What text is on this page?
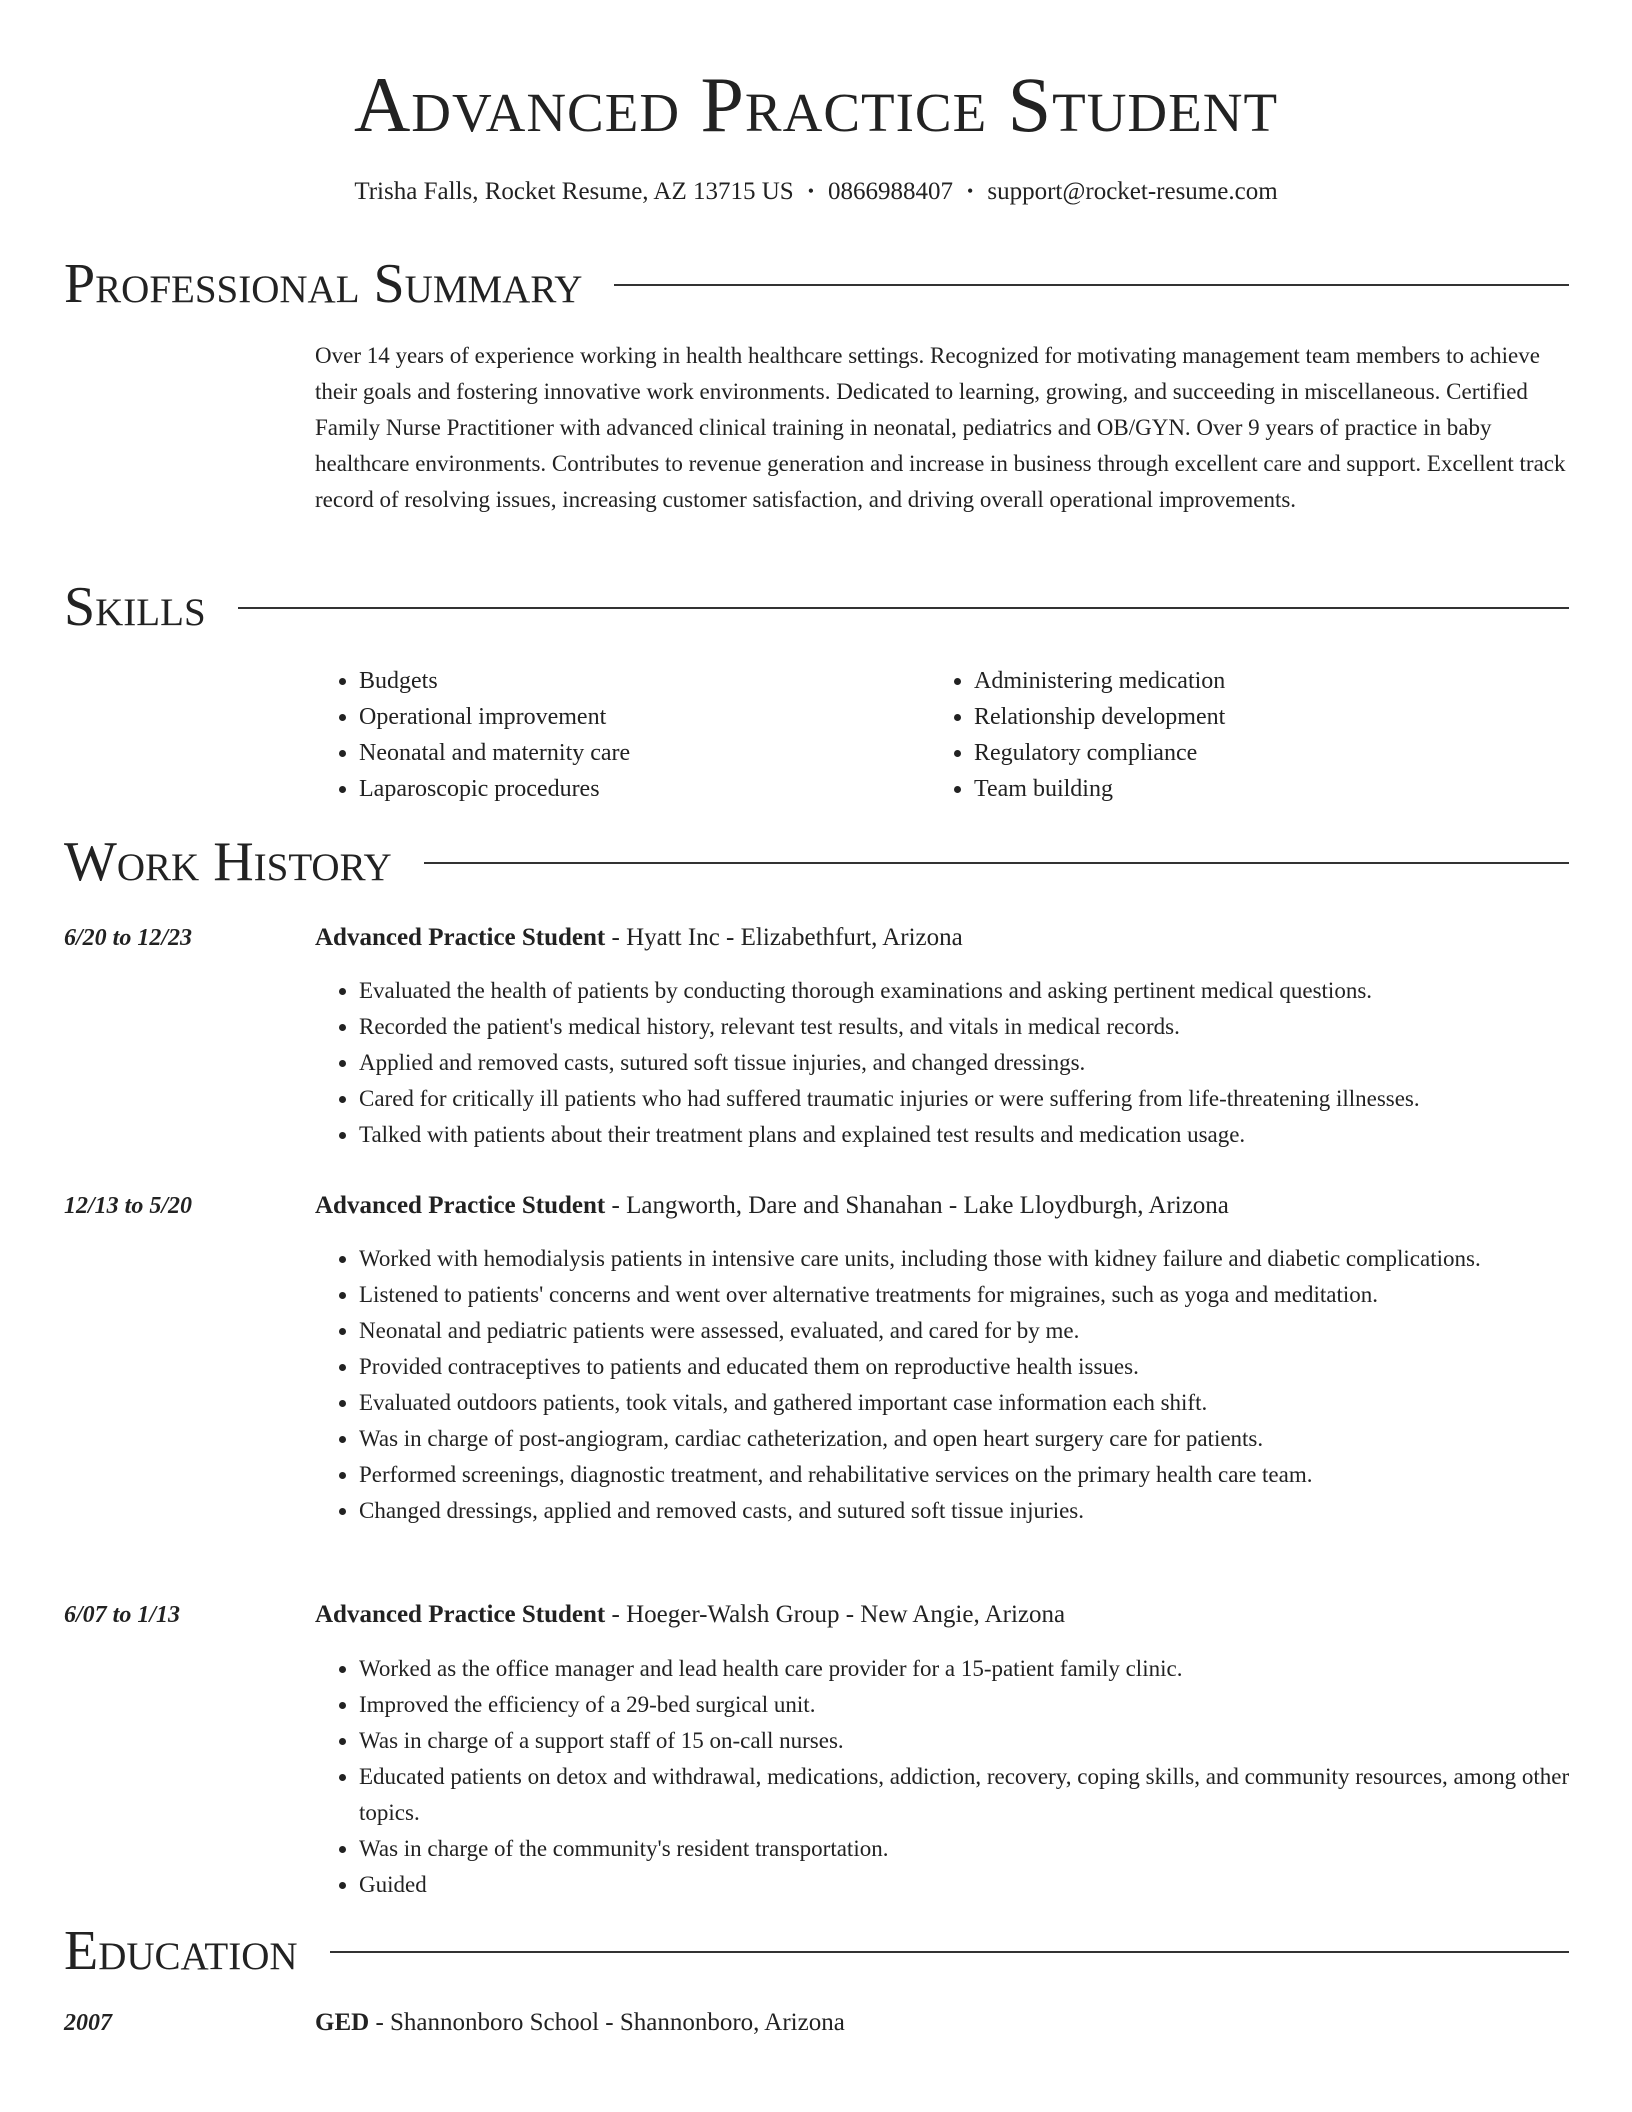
Advanced Practice Student
Trisha Falls, Rocket Resume, AZ 13715 US • 0866988407 • support@rocket-resume.com
Professional Summary

Over 14 years of experience working in health healthcare settings. Recognized for motivating management team members to achieve their goals and fostering innovative work environments. Dedicated to learning, growing, and succeeding in miscellaneous. Certified Family Nurse Practitioner with advanced clinical training in neonatal, pediatrics and OB/GYN. Over 9 years of practice in baby healthcare environments. Contributes to revenue generation and increase in business through excellent care and support. Excellent track record of resolving issues, increasing customer satisfaction, and driving overall operational improvements.

Skills
• Budgets
• Operational improvement
• Neonatal and maternity care
• Laparoscopic procedures
• Administering medication
• Relationship development
• Regulatory compliance
• Team building
Work History
6/20 to 12/23	Advanced Practice Student - Hyatt Inc - Elizabethfurt, Arizona
• Evaluated the health of patients by conducting thorough examinations and asking pertinent medical questions.
• Recorded the patient's medical history, relevant test results, and vitals in medical records.
• Applied and removed casts, sutured soft tissue injuries, and changed dressings.
• Cared for critically ill patients who had suffered traumatic injuries or were suffering from life-threatening illnesses.
• Talked with patients about their treatment plans and explained test results and medication usage.
12/13 to 5/20	Advanced Practice Student - Langworth, Dare and Shanahan - Lake Lloydburgh, Arizona
• Worked with hemodialysis patients in intensive care units, including those with kidney failure and diabetic complications.
• Listened to patients' concerns and went over alternative treatments for migraines, such as yoga and meditation.
• Neonatal and pediatric patients were assessed, evaluated, and cared for by me.
• Provided contraceptives to patients and educated them on reproductive health issues.
• Evaluated outdoors patients, took vitals, and gathered important case information each shift.
• Was in charge of post-angiogram, cardiac catheterization, and open heart surgery care for patients.
• Performed screenings, diagnostic treatment, and rehabilitative services on the primary health care team.
• Changed dressings, applied and removed casts, and sutured soft tissue injuries.
6/07 to 1/13	Advanced Practice Student - Hoeger-Walsh Group - New Angie, Arizona
• Worked as the office manager and lead health care provider for a 15-patient family clinic.
• Improved the efficiency of a 29-bed surgical unit.
• Was in charge of a support staff of 15 on-call nurses.
• Educated patients on detox and withdrawal, medications, addiction, recovery, coping skills, and community resources, among other topics.
• Was in charge of the community's resident transportation.
• Guided
Education
2007	GED - Shannonboro School - Shannonboro, Arizona
